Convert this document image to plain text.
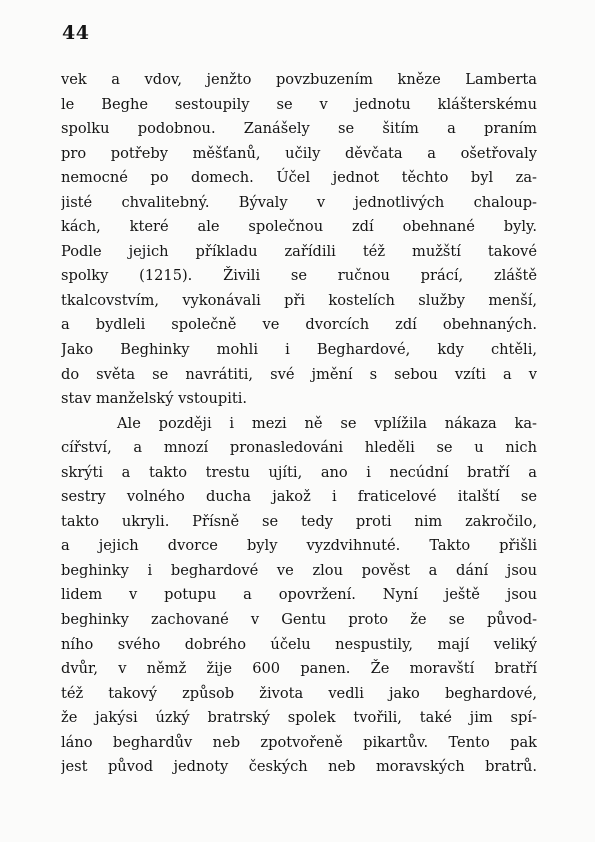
44
vek a vdov, jenžto povzbuzením kněze Lamberta
le Beghe sestoupily se v jednotu klášterskému
spolku podobnou. Zanášely se šitím a praním
pro potřeby měšťanů, učily děvčata a ošetřovaly
nemocné po domech. Účel jednot těchto byl za-
jisté chvalitebný. Bývaly v jednotlivých chaloup-
kách, které ale společnou zdí obehnané byly.
Podle jejich příkladu zařídili též mužští takové
spolky (1215). Živili se ručnou prácí, zláště
tkalcovstvím, vykonávali při kostelích služby menší,
a bydleli společně ve dvorcích zdí obehnaných.
Jako Beghinky mohli i Beghardové, kdy chtěli,
do světa se navrátiti, své jmění s sebou vzíti a v
stav manželský vstoupiti.
Ale později i mezi ně se vplížila nákaza ka-
cířství, a mnozí pronasledováni hleděli se u nich
skrýti a takto trestu ujíti, ano i necúdní bratří a
sestry volného ducha jakož i fraticelové italští se
takto ukryli. Přísně se tedy proti nim zakročilo,
a jejich dvorce byly vyzdvihnuté. Takto přišli
beghinky i beghardové ve zlou pověst a dání jsou
lidem v potupu a opovržení. Nyní ještě jsou
beghinky zachované v Gentu proto že se původ-
ního svého dobrého účelu nespustily, mají veliký
dvůr, v němž žije 600 panen. Že moravští bratří
též takový způsob života vedli jako beghardové,
že jakýsi úzký bratrský spolek tvořili, také jim spí-
láno beghardův neb zpotvořeně pikartův. Tento pak
jest původ jednoty českých neb moravských bratrů.
